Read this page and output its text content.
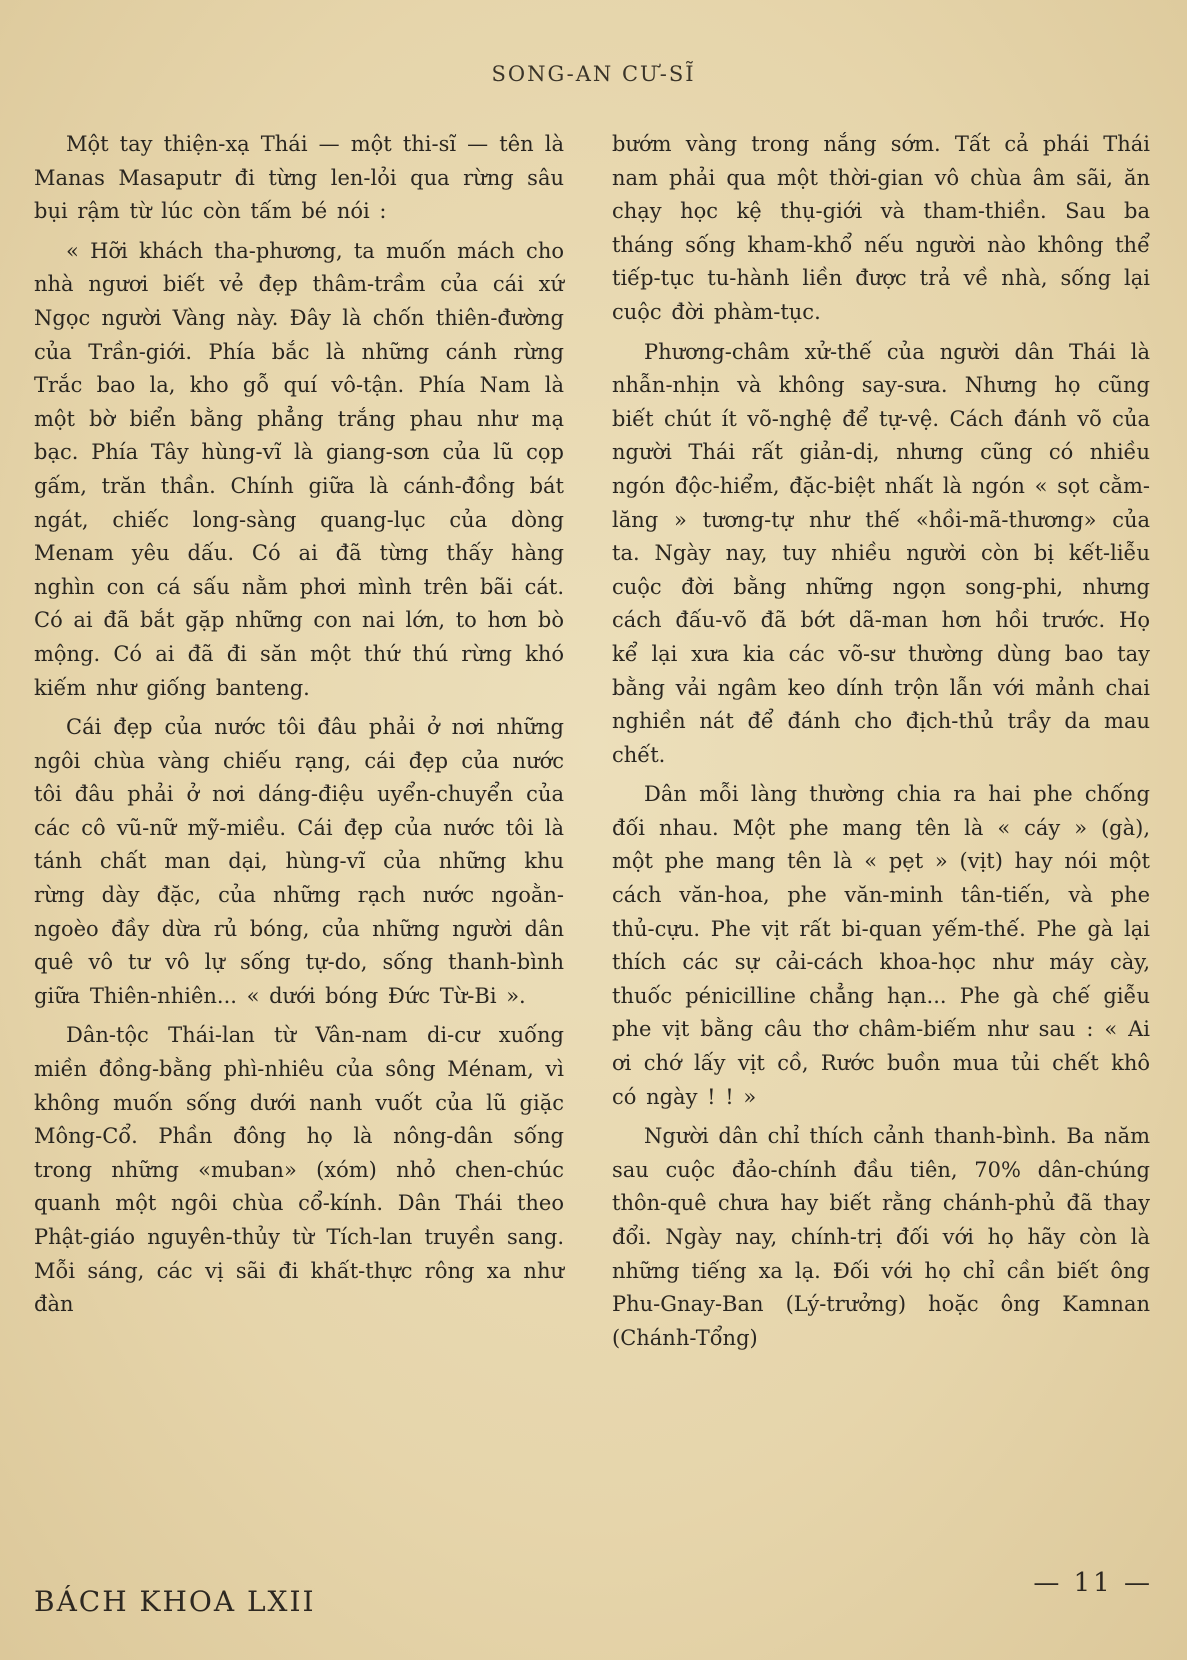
SONG-AN CƯ-SĨ

Một tay thiện-xạ Thái — một thi-sĩ — tên là Manas Masaputr đi từng len-lỏi qua rừng sâu bụi rậm từ lúc còn tấm bé nói :

« Hỡi khách tha-phương, ta muốn mách cho nhà ngươi biết vẻ đẹp thâm-trầm của cái xứ Ngọc người Vàng này. Đây là chốn thiên-đường của Trần-giới. Phía bắc là những cánh rừng Trắc bao la, kho gỗ quí vô-tận. Phía Nam là một bờ biển bằng phẳng trắng phau như mạ bạc. Phía Tây hùng-vĩ là giang-sơn của lũ cọp gấm, trăn thần. Chính giữa là cánh-đồng bát ngát, chiếc long-sàng quang-lục của dòng Menam yêu dấu. Có ai đã từng thấy hàng nghìn con cá sấu nằm phơi mình trên bãi cát. Có ai đã bắt gặp những con nai lớn, to hơn bò mộng. Có ai đã đi săn một thứ thú rừng khó kiếm như giống banteng.

Cái đẹp của nước tôi đâu phải ở nơi những ngôi chùa vàng chiếu rạng, cái đẹp của nước tôi đâu phải ở nơi dáng-điệu uyển-chuyển của các cô vũ-nữ mỹ-miều. Cái đẹp của nước tôi là tánh chất man dại, hùng-vĩ của những khu rừng dày đặc, của những rạch nước ngoằn-ngoèo đầy dừa rủ bóng, của những người dân quê vô tư vô lự sống tự-do, sống thanh-bình giữa Thiên-nhiên... « dưới bóng Đức Từ-Bi ».

Dân-tộc Thái-lan từ Vân-nam di-cư xuống miền đồng-bằng phì-nhiêu của sông Ménam, vì không muốn sống dưới nanh vuốt của lũ giặc Mông-Cổ. Phần đông họ là nông-dân sống trong những «muban» (xóm) nhỏ chen-chúc quanh một ngôi chùa cổ-kính. Dân Thái theo Phật-giáo nguyên-thủy từ Tích-lan truyền sang. Mỗi sáng, các vị sãi đi khất-thực rông xa như đàn

bướm vàng trong nắng sớm. Tất cả phái Thái nam phải qua một thời-gian vô chùa âm sãi, ăn chạy học kệ thụ-giới và tham-thiền. Sau ba tháng sống kham-khổ nếu người nào không thể tiếp-tục tu-hành liền được trả về nhà, sống lại cuộc đời phàm-tục.

Phương-châm xử-thế của người dân Thái là nhẫn-nhịn và không say-sưa. Nhưng họ cũng biết chút ít võ-nghệ để tự-vệ. Cách đánh võ của người Thái rất giản-dị, nhưng cũng có nhiều ngón độc-hiểm, đặc-biệt nhất là ngón « sọt cằm-lăng » tương-tự như thế «hồi-mã-thương» của ta. Ngày nay, tuy nhiều người còn bị kết-liễu cuộc đời bằng những ngọn song-phi, nhưng cách đấu-võ đã bớt dã-man hơn hồi trước. Họ kể lại xưa kia các võ-sư thường dùng bao tay bằng vải ngâm keo dính trộn lẫn với mảnh chai nghiền nát để đánh cho địch-thủ trầy da mau chết.

Dân mỗi làng thường chia ra hai phe chống đối nhau. Một phe mang tên là « cáy » (gà), một phe mang tên là « pẹt » (vịt) hay nói một cách văn-hoa, phe văn-minh tân-tiến, và phe thủ-cựu. Phe vịt rất bi-quan yếm-thế. Phe gà lại thích các sự cải-cách khoa-học như máy cày, thuốc pénicilline chẳng hạn... Phe gà chế giễu phe vịt bằng câu thơ châm-biếm như sau : « Ai ơi chớ lấy vịt cồ, Rước buồn mua tủi chết khô có ngày ! ! »

Người dân chỉ thích cảnh thanh-bình. Ba năm sau cuộc đảo-chính đầu tiên, 70% dân-chúng thôn-quê chưa hay biết rằng chánh-phủ đã thay đổi. Ngày nay, chính-trị đối với họ hãy còn là những tiếng xa lạ. Đối với họ chỉ cần biết ông Phu-Gnay-Ban (Lý-trưởng) hoặc ông Kamnan (Chánh-Tổng)

BÁCH KHOA LXII
— 11 —
